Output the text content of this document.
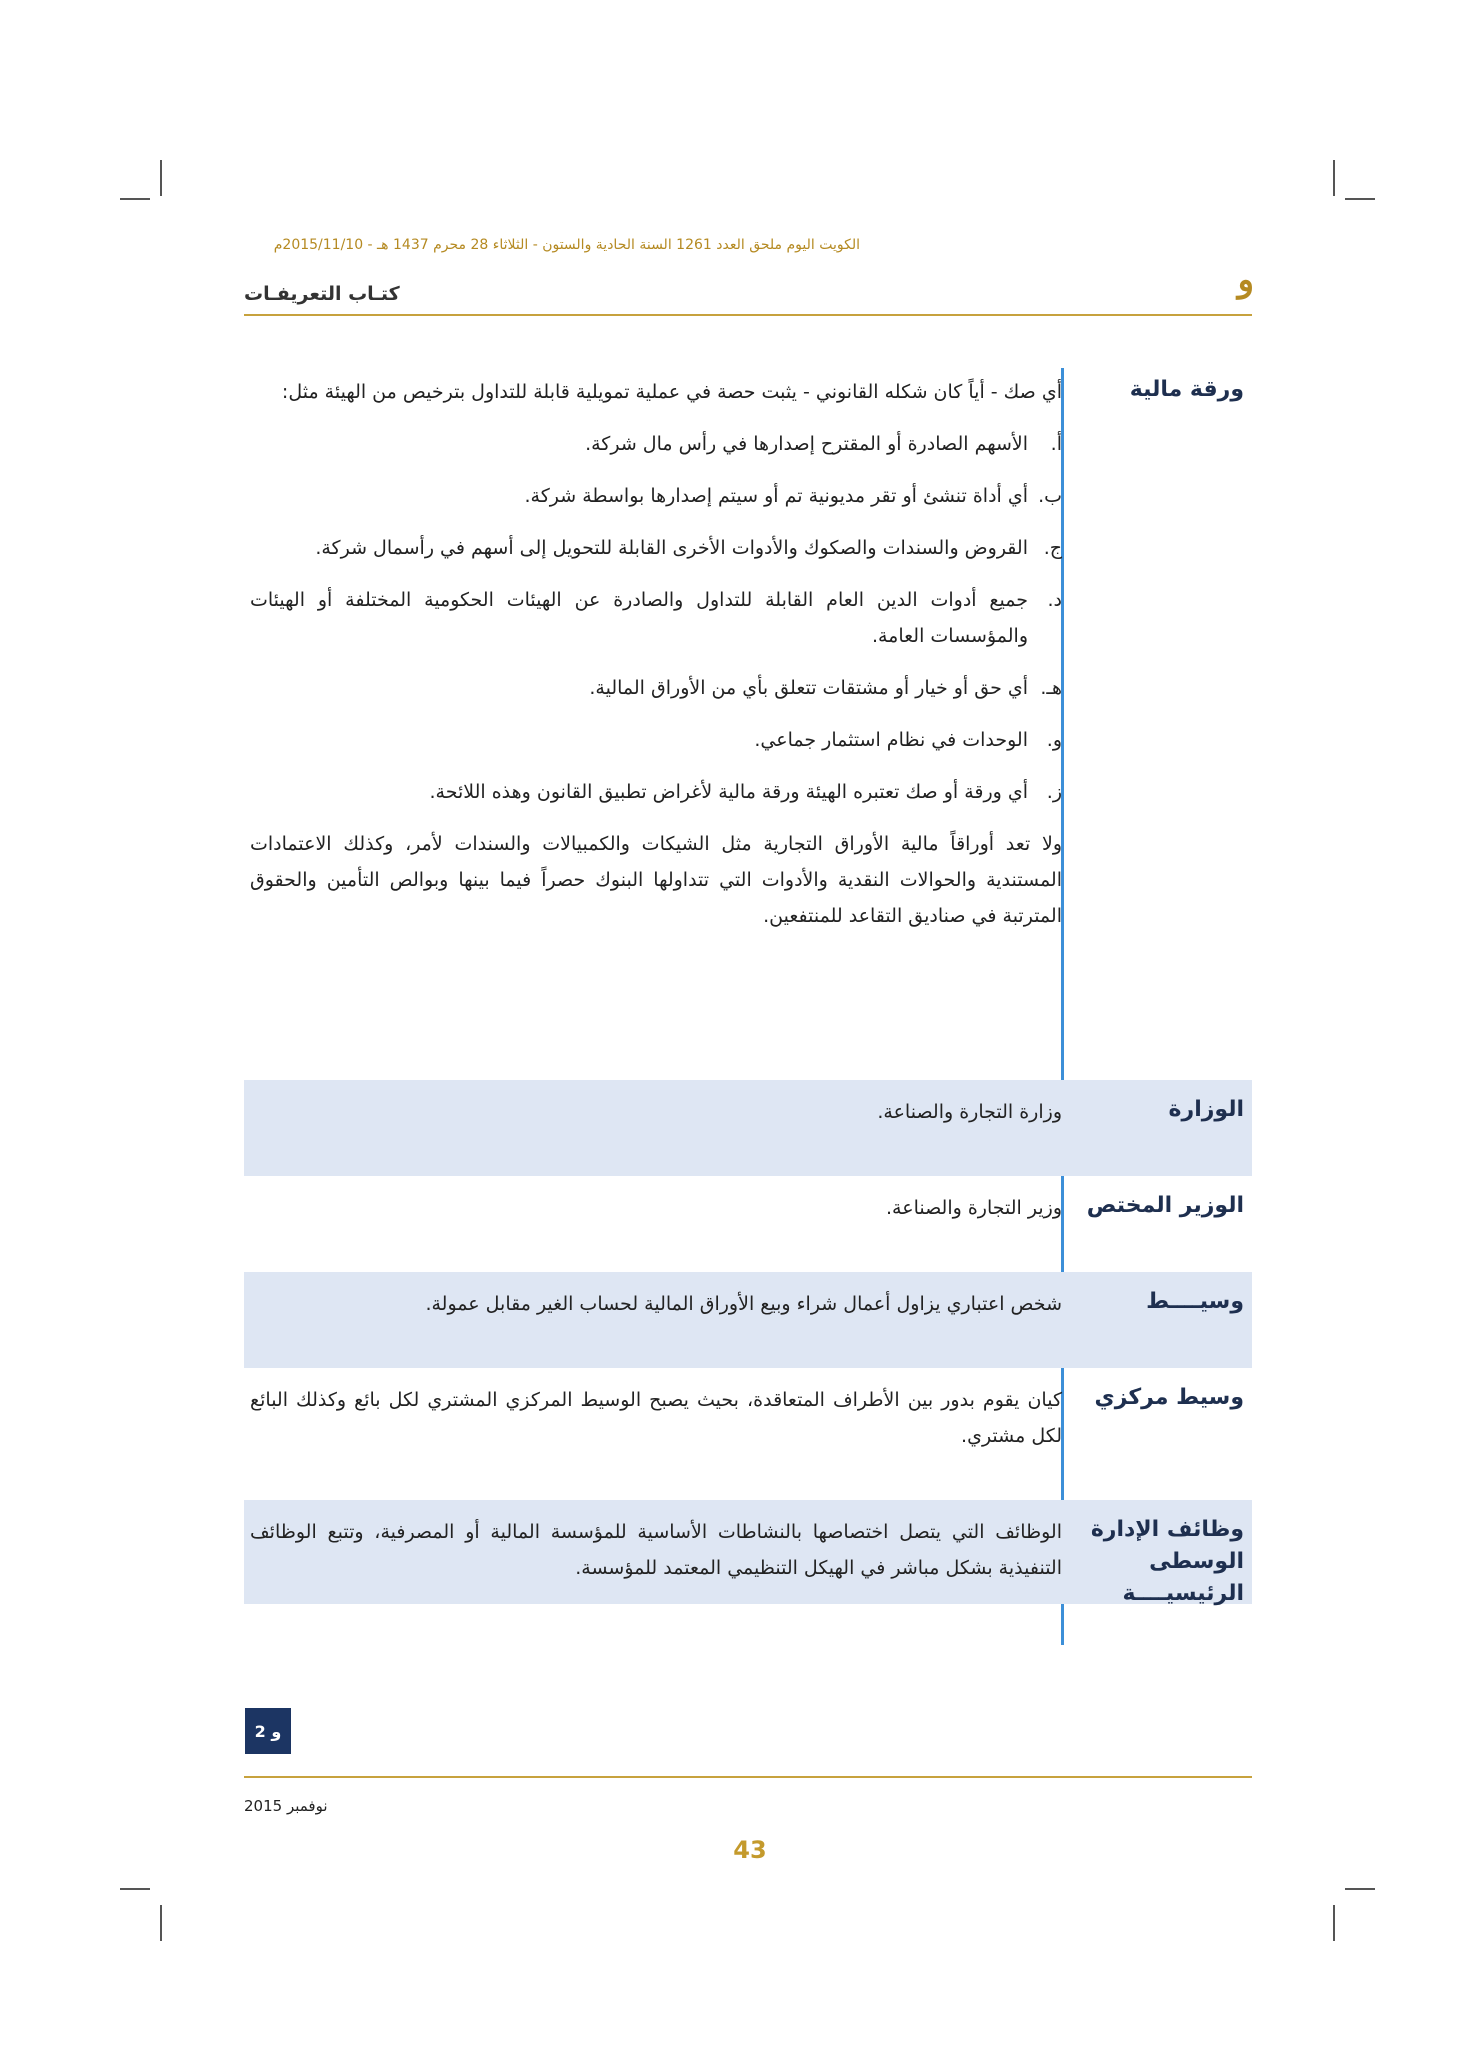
الكويت اليوم ملحق العدد 1261 السنة الحادية والستون - الثلاثاء 28 محرم 1437 هـ - 2015/11/10م
و
كتـاب التعريفـات
ورقة مالية
أي صك - أياً كان شكله القانوني - يثبت حصة في عملية تمويلية قابلة للتداول بترخيص من الهيئة مثل:
أ.
الأسهم الصادرة أو المقترح إصدارها في رأس مال شركة.
ب.
أي أداة تنشئ أو تقر مديونية تم أو سيتم إصدارها بواسطة شركة.
ج.
القروض والسندات والصكوك والأدوات الأخرى القابلة للتحويل إلى أسهم في رأسمال شركة.
د.
جميع أدوات الدين العام القابلة للتداول والصادرة عن الهيئات الحكومية المختلفة أو الهيئات والمؤسسات العامة.
هـ.
أي حق أو خيار أو مشتقات تتعلق بأي من الأوراق المالية.
و.
الوحدات في نظام استثمار جماعي.
ز.
أي ورقة أو صك تعتبره الهيئة ورقة مالية لأغراض تطبيق القانون وهذه اللائحة.
ولا تعد أوراقاً مالية الأوراق التجارية مثل الشيكات والكمبيالات والسندات لأمر، وكذلك الاعتمادات المستندية والحوالات النقدية والأدوات التي تتداولها البنوك حصراً فيما بينها وبوالص التأمين والحقوق المترتبة في صناديق التقاعد للمنتفعين.
الوزارة
وزارة التجارة والصناعة.
الوزير المختص
وزير التجارة والصناعة.
وسيــــط
شخص اعتباري يزاول أعمال شراء وبيع الأوراق المالية لحساب الغير مقابل عمولة.
وسيط مركزي
كيان يقوم بدور بين الأطراف المتعاقدة، بحيث يصبح الوسيط المركزي المشتري لكل بائع وكذلك البائع لكل مشتري.
وظائف الإدارة الوسطى الرئيسيــــة
الوظائف التي يتصل اختصاصها بالنشاطات الأساسية للمؤسسة المالية أو المصرفية، وتتبع الوظائف التنفيذية بشكل مباشر في الهيكل التنظيمي المعتمد للمؤسسة.
و 2
نوفمبر 2015
43
